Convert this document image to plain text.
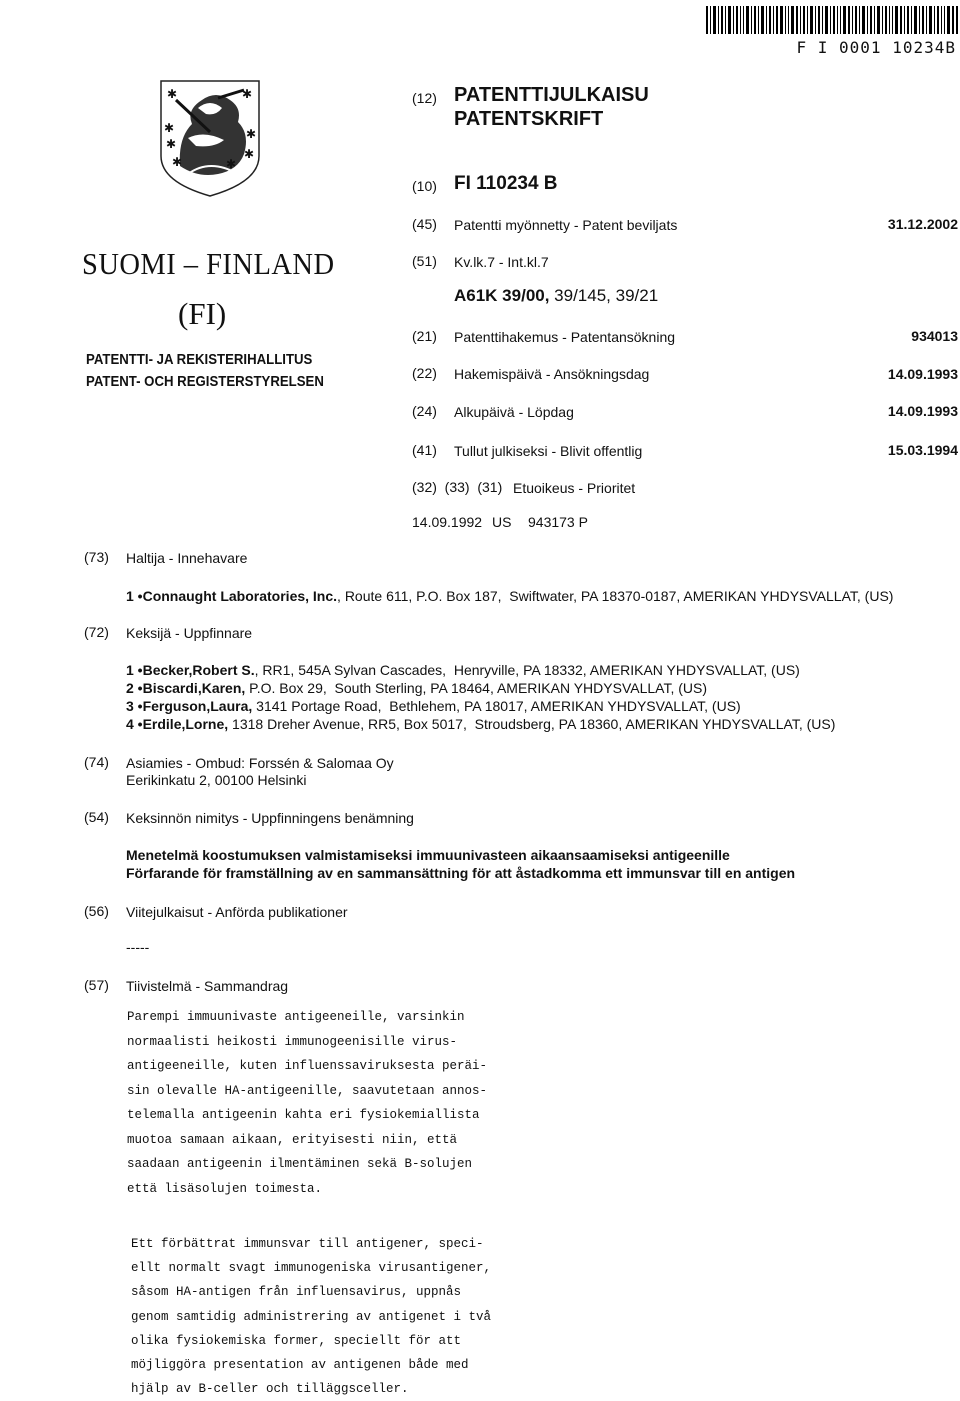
F I 0001 10234B
✱	✱
✱	✱
✱	✱
✱
✱
SUOMI – FINLAND
(FI)
PATENTTI- JA REKISTERIHALLITUS
PATENT- OCH REGISTERSTYRELSEN
(12) PATENTTIJULKAISU
PATENTSKRIFT
(10) FI 110234 B
(45) Patentti myönnetty - Patent beviljats	31.12.2002
(51) Kv.lk.7 - Int.kl.7
A61K 39/00, 39/145, 39/21
(21) Patenttihakemus - Patentansökning	934013
(22) Hakemispäivä - Ansökningsdag	14.09.1993
(24) Alkupäivä - Löpdag	14.09.1993
(41) Tullut julkiseksi - Blivit offentlig	15.03.1994
(32)  (33)  (31) Etuoikeus - Prioritet
14.09.1992 US 943173 P
(73) Haltija - Innehavare
1 •Connaught Laboratories, Inc., Route 611, P.O. Box 187,  Swiftwater, PA 18370-0187, AMERIKAN YHDYSVALLAT, (US)
(72) Keksijä - Uppfinnare
1 •Becker,Robert S., RR1, 545A Sylvan Cascades,  Henryville, PA 18332, AMERIKAN YHDYSVALLAT, (US)
2 •Biscardi,Karen, P.O. Box 29,  South Sterling, PA 18464, AMERIKAN YHDYSVALLAT, (US)
3 •Ferguson,Laura, 3141 Portage Road,  Bethlehem, PA 18017, AMERIKAN YHDYSVALLAT, (US)
4 •Erdile,Lorne, 1318 Dreher Avenue, RR5, Box 5017,  Stroudsberg, PA 18360, AMERIKAN YHDYSVALLAT, (US)
(74) Asiamies - Ombud: Forssén & Salomaa Oy
Eerikinkatu 2, 00100 Helsinki
(54) Keksinnön nimitys - Uppfinningens benämning
Menetelmä koostumuksen valmistamiseksi immuunivasteen aikaansaamiseksi antigeenille
Förfarande för framställning av en sammansättning för att åstadkomma ett immunsvar till en antigen
(56) Viitejulkaisut - Anförda publikationer
-----
(57) Tiivistelmä - Sammandrag
Parempi immuunivaste antigeeneille, varsinkin
normaalisti heikosti immunogeenisille virus-
antigeeneille, kuten influenssaviruksesta peräi-
sin olevalle HA-antigeenille, saavutetaan annos-
telemalla antigeenin kahta eri fysiokemiallista
muotoa samaan aikaan, erityisesti niin, että
saadaan antigeenin ilmentäminen sekä B-solujen
että lisäsolujen toimesta.
Ett förbättrat immunsvar till antigener, speci-
ellt normalt svagt immunogeniska virusantigener,
såsom HA-antigen från influensavirus, uppnås
genom samtidig administrering av antigenet i två
olika fysiokemiska former, speciellt för att
möjliggöra presentation av antigenen både med
hjälp av B-celler och tilläggsceller.
